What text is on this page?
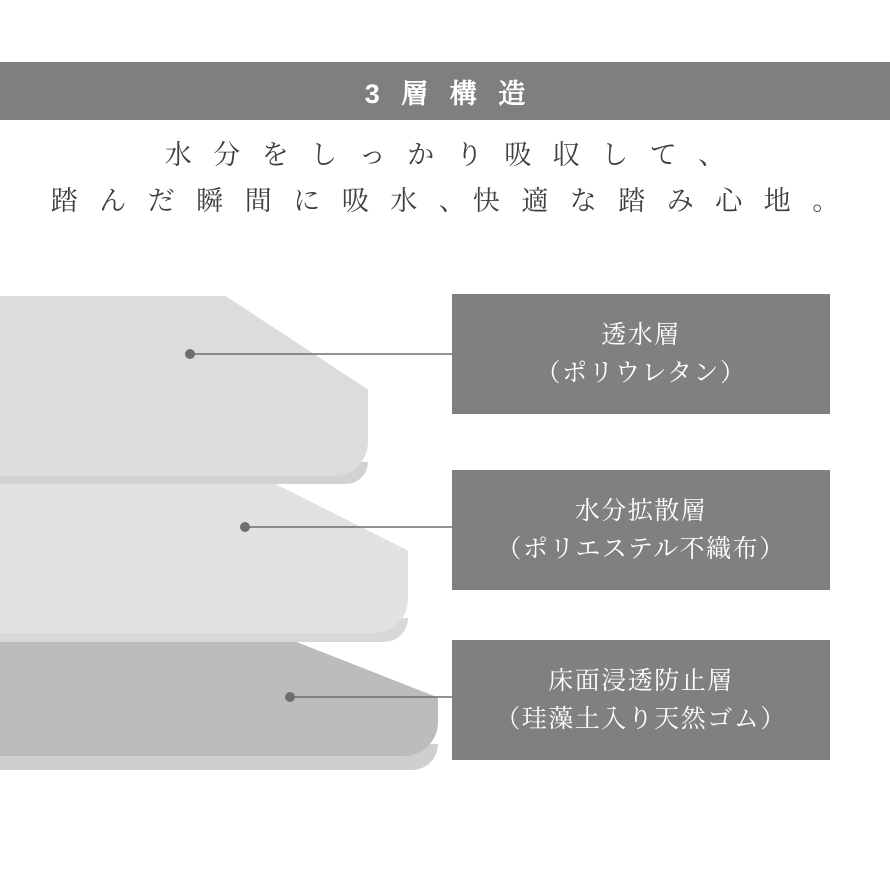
3 層 構 造
水 分 を し っ か り 吸 収 し て 、
踏 ん だ 瞬 間 に 吸 水 、快 適 な 踏 み 心 地 。
透水層
（ポリウレタン）
水分拡散層
（ポリエステル不織布）
床面浸透防止層
（珪藻土入り天然ゴム）
